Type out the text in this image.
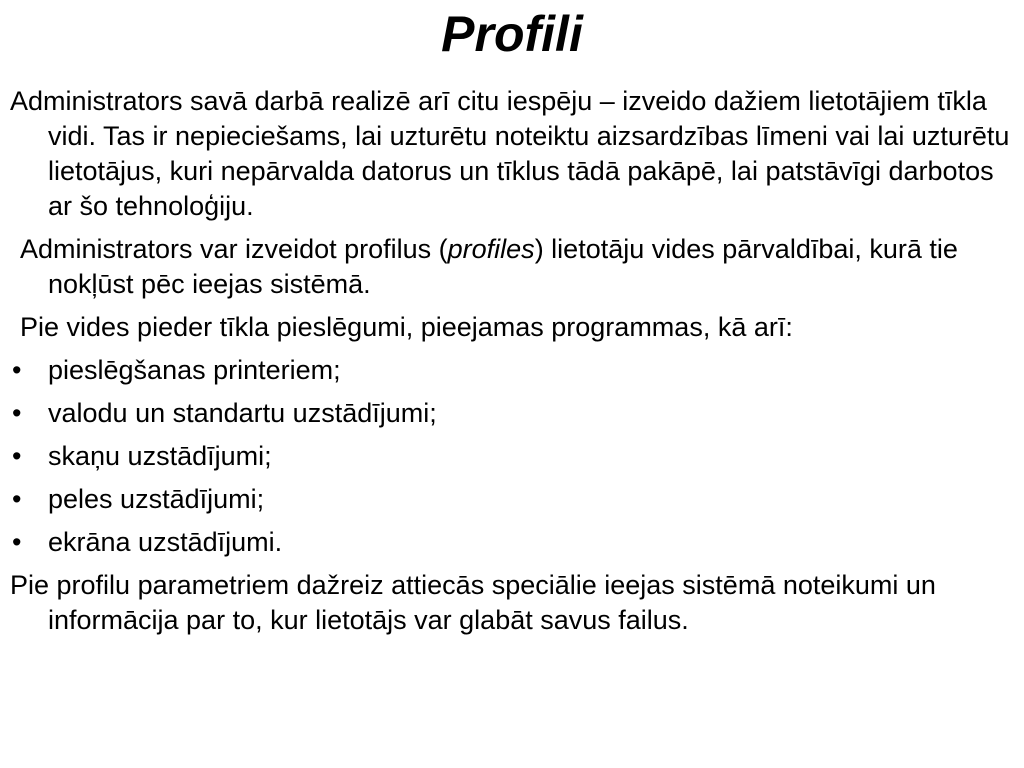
Profili

Administrators savā darbā realizē arī citu iespēju – izveido dažiem lietotājiem tīkla vidi. Tas ir nepieciešams, lai uzturētu noteiktu aizsardzības līmeni vai lai uzturētu lietotājus, kuri nepārvalda datorus un tīklus tādā pakāpē, lai patstāvīgi darbotos ar šo tehnoloģiju.

Administrators var izveidot profilus (profiles) lietotāju vides pārvaldībai, kurā tie nokļūst pēc ieejas sistēmā.

Pie vides pieder tīkla pieslēgumi, pieejamas programmas, kā arī:

• pieslēgšanas printeriem;
• valodu un standartu uzstādījumi;
• skaņu uzstādījumi;
• peles uzstādījumi;
• ekrāna uzstādījumi.

Pie profilu parametriem dažreiz attiecās speciālie ieejas sistēmā noteikumi un informācija par to, kur lietotājs var glabāt savus failus.
